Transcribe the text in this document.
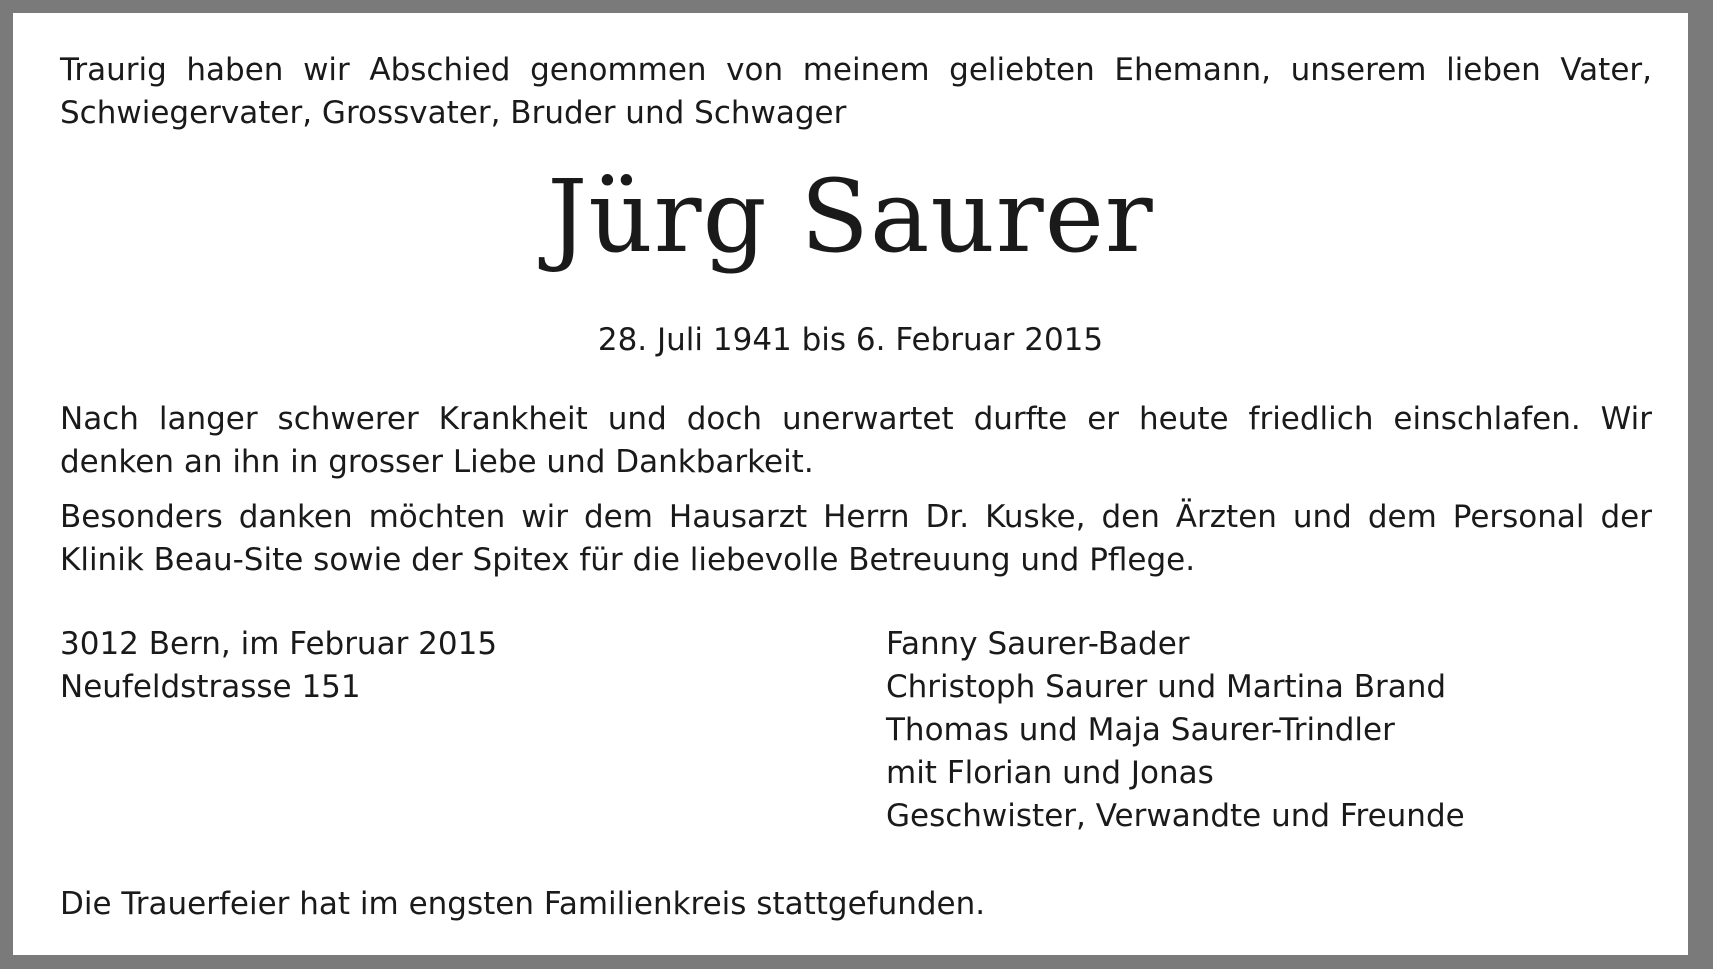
Traurig haben wir Abschied genommen von meinem geliebten Ehemann, unserem lieben Vater, Schwiegervater, Grossvater, Bruder und Schwager

Jürg Saurer

28. Juli 1941 bis 6. Februar 2015

Nach langer schwerer Krankheit und doch unerwartet durfte er heute friedlich einschlafen. Wir denken an ihn in grosser Liebe und Dankbarkeit.

Besonders danken möchten wir dem Hausarzt Herrn Dr. Kuske, den Ärzten und dem Personal der Klinik Beau-Site sowie der Spitex für die liebevolle Betreuung und Pflege.

3012 Bern, im Februar 2015
Neufeldstrasse 151
Fanny Saurer-Bader
Christoph Saurer und Martina Brand
Thomas und Maja Saurer-Trindler
mit Florian und Jonas
Geschwister, Verwandte und Freunde

Die Trauerfeier hat im engsten Familienkreis stattgefunden.
